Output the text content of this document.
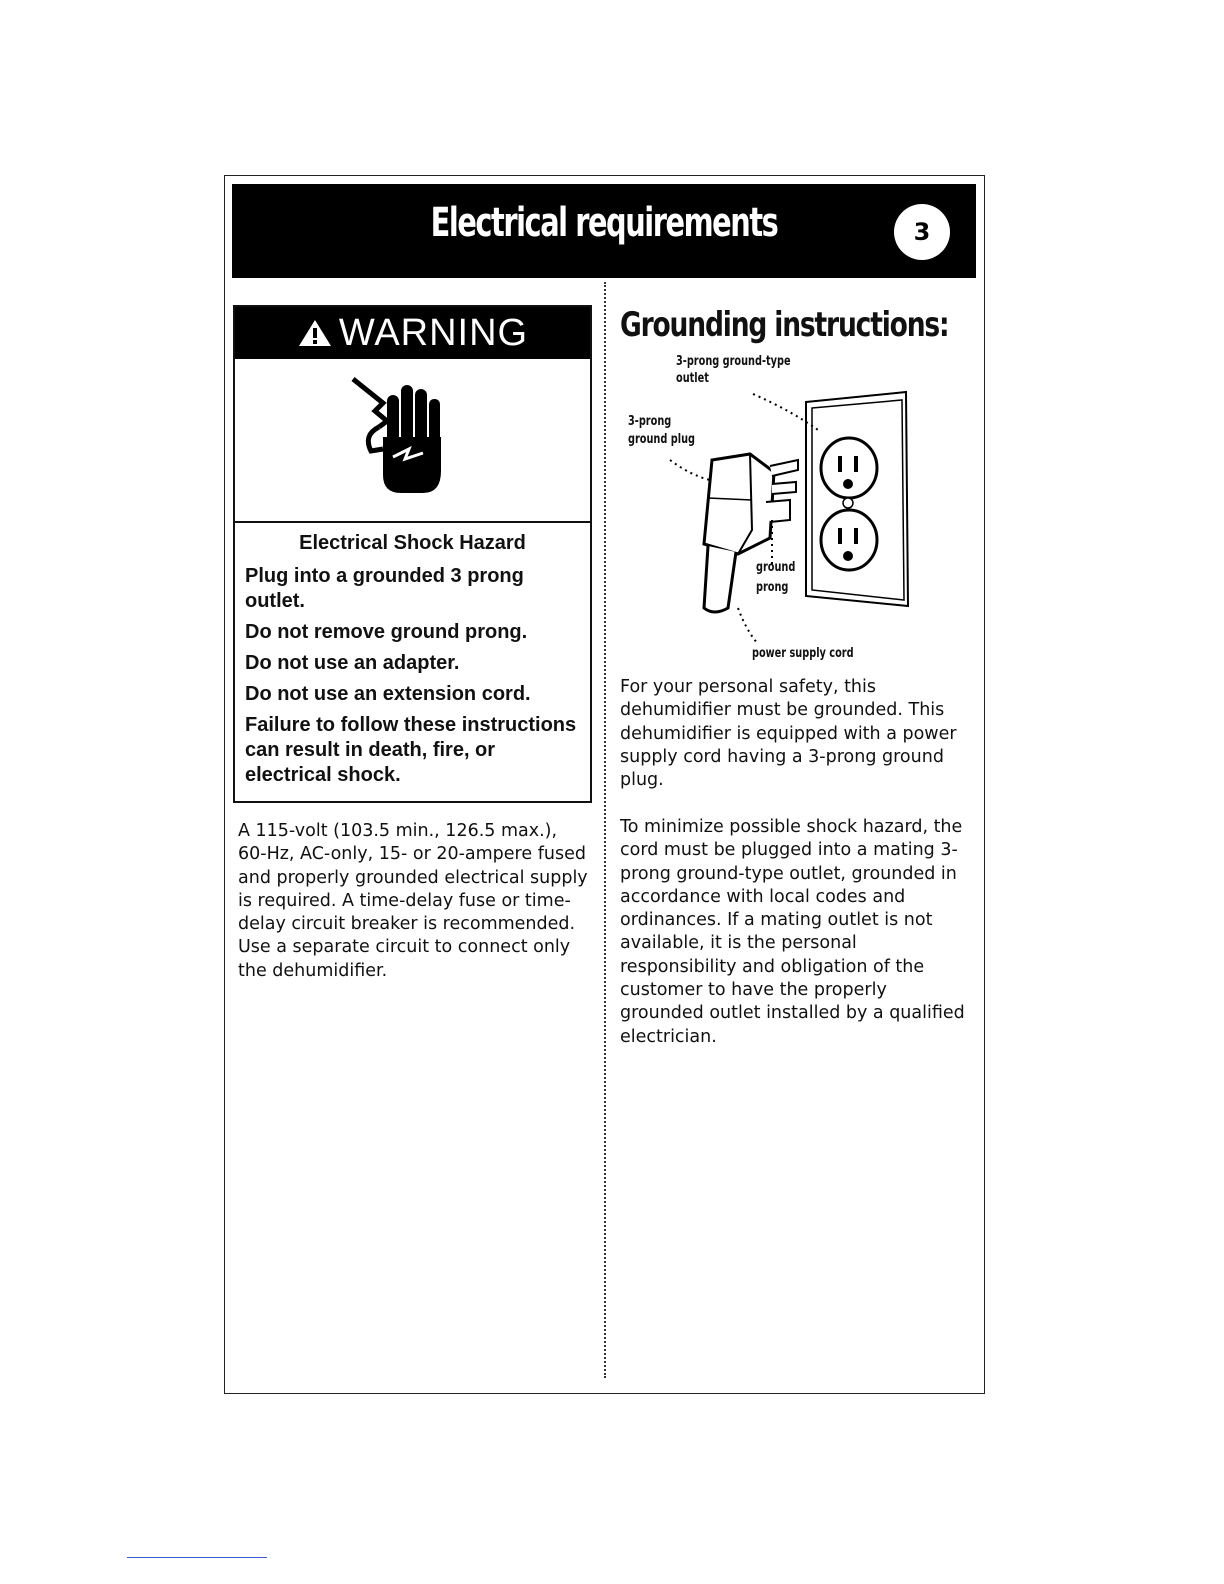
Electrical requirements	3
WARNING

Electrical Shock Hazard

Plug into a grounded 3 prong outlet.

Do not remove ground prong.

Do not use an adapter.

Do not use an extension cord.

Failure to follow these instructions can result in death, fire, or electrical shock.

A 115-volt (103.5 min., 126.5 max.), 60-Hz, AC-only, 15- or 20-ampere fused and properly grounded electrical supply is required. A time-delay fuse or time-delay circuit breaker is recommended. Use a separate circuit to connect only the dehumidifier.
Grounding instructions:
3-prong ground-type
outlet
3-prong
ground plug
ground
prong
power supply cord
For your personal safety, this dehumidifier must be grounded. This dehumidifier is equipped with a power supply cord having a 3-prong ground plug.
To minimize possible shock hazard, the cord must be plugged into a mating 3-prong ground-type outlet, grounded in accordance with local codes and ordinances. If a mating outlet is not available, it is the personal responsibility and obligation of the customer to have the properly grounded outlet installed by a qualified electrician.
